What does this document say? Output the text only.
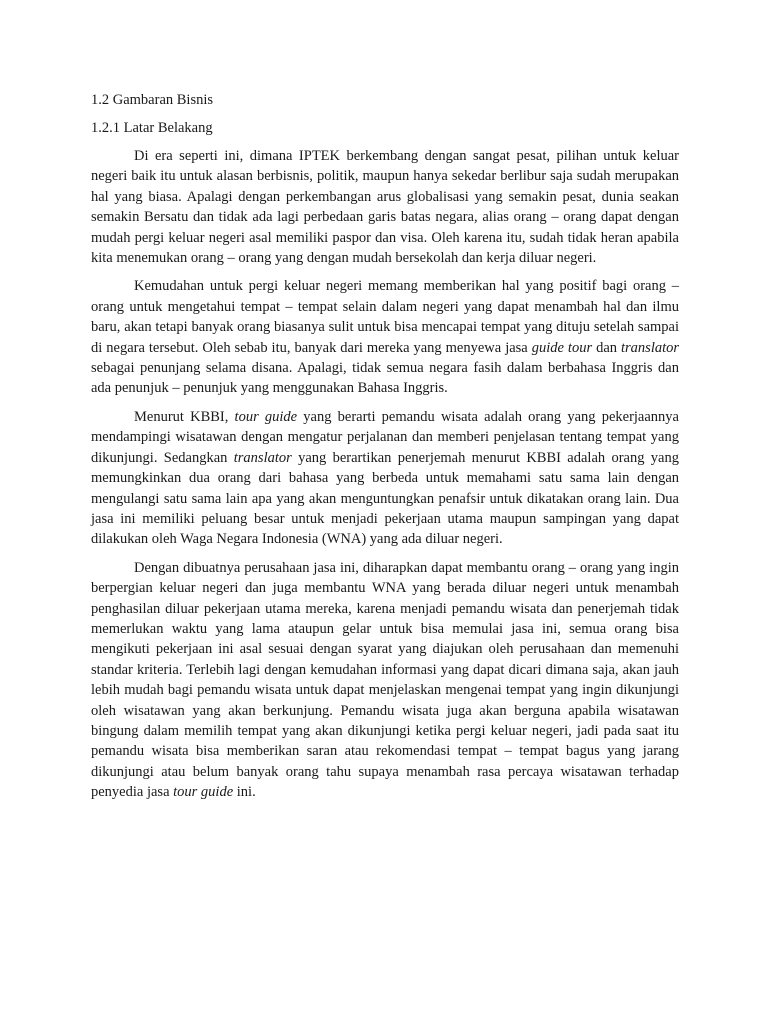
1.2 Gambaran Bisnis

1.2.1 Latar Belakang

Di era seperti ini, dimana IPTEK berkembang dengan sangat pesat, pilihan untuk keluar negeri baik itu untuk alasan berbisnis, politik, maupun hanya sekedar berlibur saja sudah merupakan hal yang biasa. Apalagi dengan perkembangan arus globalisasi yang semakin pesat, dunia seakan semakin Bersatu dan tidak ada lagi perbedaan garis batas negara, alias orang – orang dapat dengan mudah pergi keluar negeri asal memiliki paspor dan visa. Oleh karena itu, sudah tidak heran apabila kita menemukan orang – orang yang dengan mudah bersekolah dan kerja diluar negeri.

Kemudahan untuk pergi keluar negeri memang memberikan hal yang positif bagi orang – orang untuk mengetahui tempat – tempat selain dalam negeri yang dapat menambah hal dan ilmu baru, akan tetapi banyak orang biasanya sulit untuk bisa mencapai tempat yang dituju setelah sampai di negara tersebut. Oleh sebab itu, banyak dari mereka yang menyewa jasa guide tour dan translator sebagai penunjang selama disana. Apalagi, tidak semua negara fasih dalam berbahasa Inggris dan ada penunjuk – penunjuk yang menggunakan Bahasa Inggris.

Menurut KBBI, tour guide yang berarti pemandu wisata adalah orang yang pekerjaannya mendampingi wisatawan dengan mengatur perjalanan dan memberi penjelasan tentang tempat yang dikunjungi. Sedangkan translator yang berartikan penerjemah menurut KBBI adalah orang yang memungkinkan dua orang dari bahasa yang berbeda untuk memahami satu sama lain dengan mengulangi satu sama lain apa yang akan menguntungkan penafsir untuk dikatakan orang lain. Dua jasa ini memiliki peluang besar untuk menjadi pekerjaan utama maupun sampingan yang dapat dilakukan oleh Waga Negara Indonesia (WNA) yang ada diluar negeri.

Dengan dibuatnya perusahaan jasa ini, diharapkan dapat membantu orang – orang yang ingin berpergian keluar negeri dan juga membantu WNA yang berada diluar negeri untuk menambah penghasilan diluar pekerjaan utama mereka, karena menjadi pemandu wisata dan penerjemah tidak memerlukan waktu yang lama ataupun gelar untuk bisa memulai jasa ini, semua orang bisa mengikuti pekerjaan ini asal sesuai dengan syarat yang diajukan oleh perusahaan dan memenuhi standar kriteria. Terlebih lagi dengan kemudahan informasi yang dapat dicari dimana saja, akan jauh lebih mudah bagi pemandu wisata untuk dapat menjelaskan mengenai tempat yang ingin dikunjungi oleh wisatawan yang akan berkunjung. Pemandu wisata juga akan berguna apabila wisatawan bingung dalam memilih tempat yang akan dikunjungi ketika pergi keluar negeri, jadi pada saat itu pemandu wisata bisa memberikan saran atau rekomendasi tempat – tempat bagus yang jarang dikunjungi atau belum banyak orang tahu supaya menambah rasa percaya wisatawan terhadap penyedia jasa tour guide ini.
